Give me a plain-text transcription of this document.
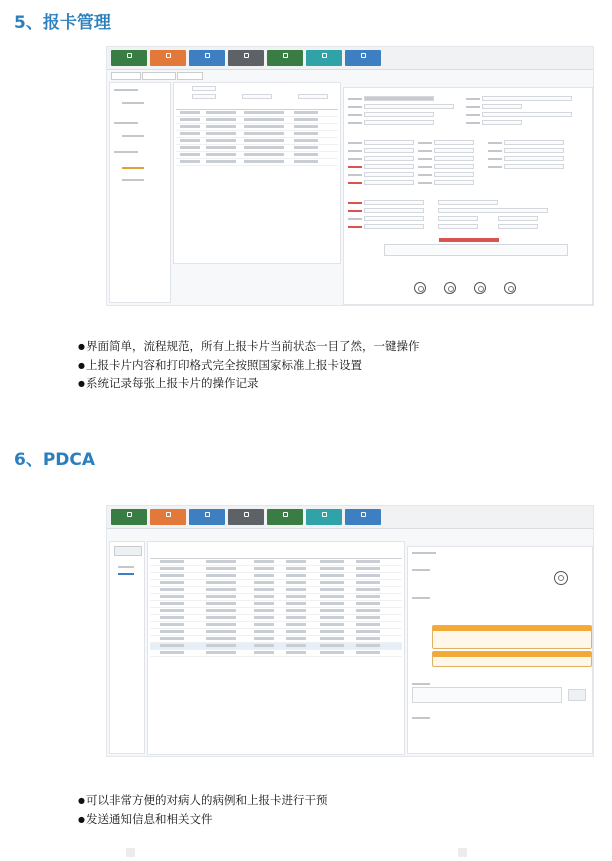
5、报卡管理

● 界面简单，流程规范，所有上报卡片当前状态一目了然，一键操作
● 上报卡片内容和打印格式完全按照国家标准上报卡设置
● 系统记录每张上报卡片的操作记录
6、PDCA
● 可以非常方便的对病人的病例和上报卡进行干预
● 发送通知信息和相关文件
